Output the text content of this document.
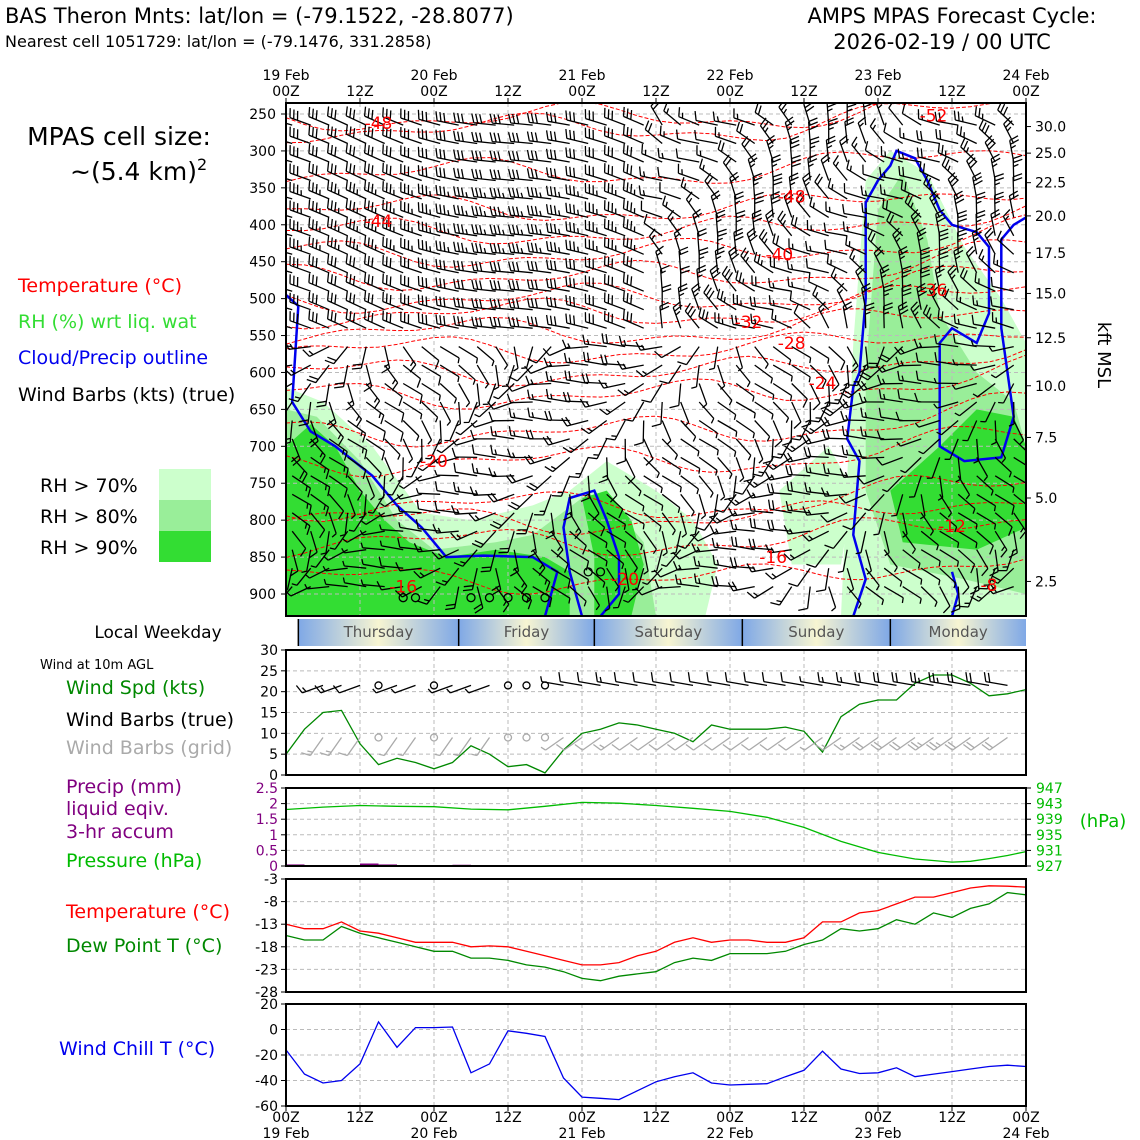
BAS Theron Mnts: lat/lon = (-79.1522, -28.8077)
Nearest cell 1051729: lat/lon = (-79.1476, 331.2858)
AMPS MPAS Forecast Cycle:
2026-02-19 / 00 UTC
MPAS cell size:
~(5.4 km)$^2$
Temperature (°C)
RH (%) wrt liq. wat
Cloud/Precip outline
Wind Barbs (kts) (true)
RH > 70%
RH > 80%
RH > 90%
Local Weekday
Wind at 10m AGL
Wind Spd (kts)
Wind Barbs (true)
Wind Barbs (grid)
Precip (mm)
liquid eqiv.
3-hr accum
Pressure (hPa)
Temperature (°C)
Dew Point T (°C)
Wind Chill T (°C)
-48	-52
-48
-44
-40
-36
-32
-28
-24
-20
-20
-16
-16
-12
-8
250
300
350
400
450
500
550
600
650
700
750
800
850
900
30.0
25.0
22.5
20.0
17.5
15.0
12.5
10.0
7.5
5.0
2.5
19 Feb
00Z	12Z
20 Feb
00Z	12Z
21 Feb
00Z	12Z
22 Feb
00Z	12Z
23 Feb
00Z	12Z
24 Feb
00Z
kft MSL
Thursday	Friday	Saturday	Sunday	Monday
0
5
10
15
20
25
30
0
0.5
1
1.5
2
2.5
927
931
935
939
943
947
(hPa)
-28
-23
-18
-13
-8
-3
-60
-40
-20
0
20
00Z
19 Feb
12Z	00Z
20 Feb
12Z	00Z
21 Feb
12Z	00Z
22 Feb
12Z	00Z
23 Feb
12Z	00Z
24 Feb
